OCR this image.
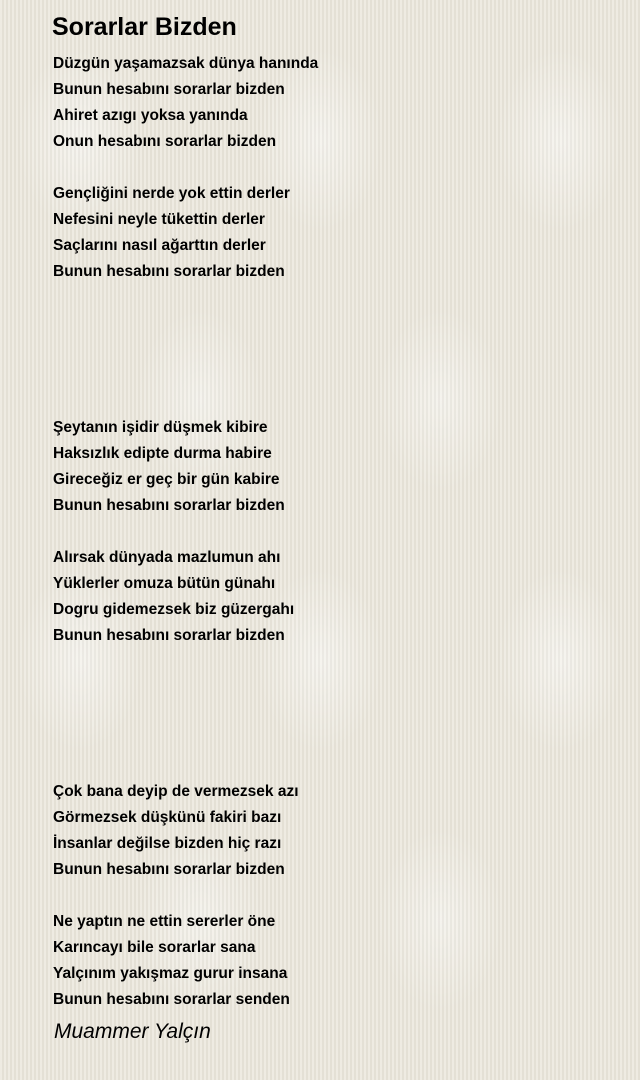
Sorarlar Bizden
Düzgün yaşamazsak dünya hanında
Bunun hesabını sorarlar bizden
Ahiret azıgı yoksa yanında
Onun hesabını sorarlar bizden
Gençliğini nerde yok ettin derler
Nefesini neyle tükettin derler
Saçlarını nasıl ağarttın derler
Bunun hesabını sorarlar bizden
Şeytanın işidir düşmek kibire
Haksızlık edipte durma habire
Gireceğiz er geç bir gün kabire
Bunun hesabını sorarlar bizden
Alırsak dünyada mazlumun ahı
Yüklerler omuza bütün günahı
Dogru gidemezsek biz güzergahı
Bunun hesabını sorarlar bizden
Çok bana deyip de vermezsek azı
Görmezsek düşkünü fakiri bazı
İnsanlar değilse bizden hiç razı
Bunun hesabını sorarlar bizden
Ne yaptın ne ettin sererler öne
Karıncayı bile sorarlar sana
Yalçınım yakışmaz gurur insana
Bunun hesabını sorarlar senden
Muammer Yalçın
